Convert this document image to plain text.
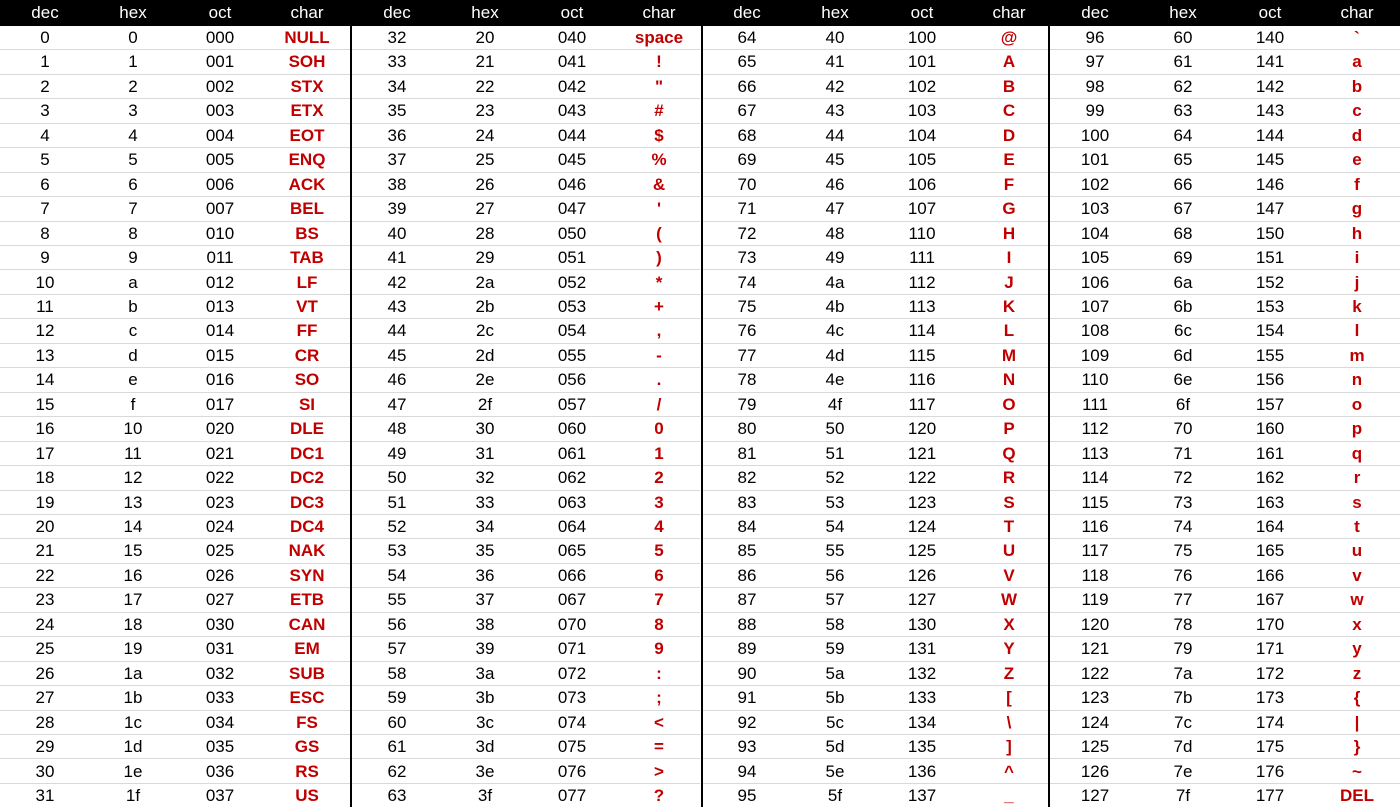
dec	hex	oct	char
0	0	000	NULL
1	1	001	SOH
2	2	002	STX
3	3	003	ETX
4	4	004	EOT
5	5	005	ENQ
6	6	006	ACK
7	7	007	BEL
8	8	010	BS
9	9	011	TAB
10	a	012	LF
11	b	013	VT
12	c	014	FF
13	d	015	CR
14	e	016	SO
15	f	017	SI
16	10	020	DLE
17	11	021	DC1
18	12	022	DC2
19	13	023	DC3
20	14	024	DC4
21	15	025	NAK
22	16	026	SYN
23	17	027	ETB
24	18	030	CAN
25	19	031	EM
26	1a	032	SUB
27	1b	033	ESC
28	1c	034	FS
29	1d	035	GS
30	1e	036	RS
31	1f	037	US
dec	hex	oct	char
32	20	040	space
33	21	041	!
34	22	042	"
35	23	043	#
36	24	044	$
37	25	045	%
38	26	046	&
39	27	047	'
40	28	050	(
41	29	051	)
42	2a	052	*
43	2b	053	+
44	2c	054	,
45	2d	055	-
46	2e	056	.
47	2f	057	/
48	30	060	0
49	31	061	1
50	32	062	2
51	33	063	3
52	34	064	4
53	35	065	5
54	36	066	6
55	37	067	7
56	38	070	8
57	39	071	9
58	3a	072	:
59	3b	073	;
60	3c	074	<
61	3d	075	=
62	3e	076	>
63	3f	077	?
dec	hex	oct	char
64	40	100	@
65	41	101	A
66	42	102	B
67	43	103	C
68	44	104	D
69	45	105	E
70	46	106	F
71	47	107	G
72	48	110	H
73	49	111	I
74	4a	112	J
75	4b	113	K
76	4c	114	L
77	4d	115	M
78	4e	116	N
79	4f	117	O
80	50	120	P
81	51	121	Q
82	52	122	R
83	53	123	S
84	54	124	T
85	55	125	U
86	56	126	V
87	57	127	W
88	58	130	X
89	59	131	Y
90	5a	132	Z
91	5b	133	[
92	5c	134	\
93	5d	135	]
94	5e	136	^
95	5f	137	_
dec	hex	oct	char
96	60	140	`
97	61	141	a
98	62	142	b
99	63	143	c
100	64	144	d
101	65	145	e
102	66	146	f
103	67	147	g
104	68	150	h
105	69	151	i
106	6a	152	j
107	6b	153	k
108	6c	154	l
109	6d	155	m
110	6e	156	n
111	6f	157	o
112	70	160	p
113	71	161	q
114	72	162	r
115	73	163	s
116	74	164	t
117	75	165	u
118	76	166	v
119	77	167	w
120	78	170	x
121	79	171	y
122	7a	172	z
123	7b	173	{
124	7c	174	|
125	7d	175	}
126	7e	176	~
127	7f	177	DEL
